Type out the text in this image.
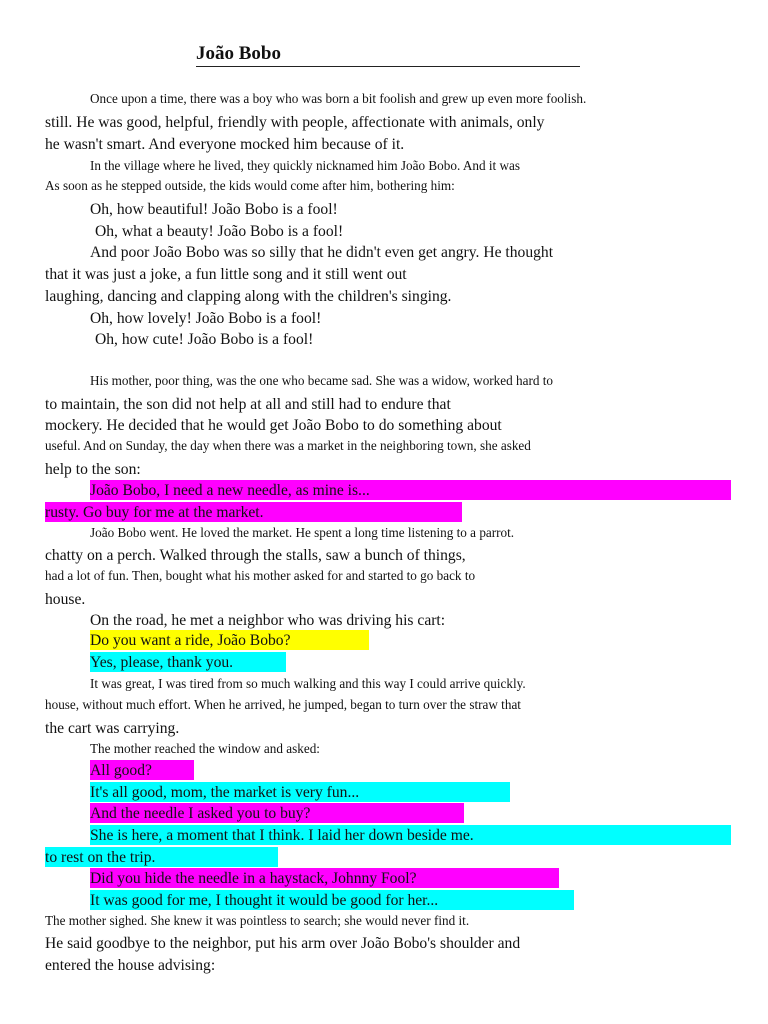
João Bobo
Once upon a time, there was a boy who was born a bit foolish and grew up even more foolish.
still. He was good, helpful, friendly with people, affectionate with animals, only
he wasn't smart. And everyone mocked him because of it.
In the village where he lived, they quickly nicknamed him João Bobo. And it was
As soon as he stepped outside, the kids would come after him, bothering him:
Oh, how beautiful! João Bobo is a fool!
Oh, what a beauty! João Bobo is a fool!
And poor João Bobo was so silly that he didn't even get angry. He thought
that it was just a joke, a fun little song and it still went out
laughing, dancing and clapping along with the children's singing.
Oh, how lovely! João Bobo is a fool!
Oh, how cute! João Bobo is a fool!
His mother, poor thing, was the one who became sad. She was a widow, worked hard to
to maintain, the son did not help at all and still had to endure that
mockery. He decided that he would get João Bobo to do something about
useful. And on Sunday, the day when there was a market in the neighboring town, she asked
help to the son:
João Bobo, I need a new needle, as mine is...
rusty. Go buy for me at the market.
João Bobo went. He loved the market. He spent a long time listening to a parrot.
chatty on a perch. Walked through the stalls, saw a bunch of things,
had a lot of fun. Then, bought what his mother asked for and started to go back to
house.
On the road, he met a neighbor who was driving his cart:
Do you want a ride, João Bobo?
Yes, please, thank you.
It was great, I was tired from so much walking and this way I could arrive quickly.
house, without much effort. When he arrived, he jumped, began to turn over the straw that
the cart was carrying.
The mother reached the window and asked:
All good?
It's all good, mom, the market is very fun...
And the needle I asked you to buy?
She is here, a moment that I think. I laid her down beside me.
to rest on the trip.
Did you hide the needle in a haystack, Johnny Fool?
It was good for me, I thought it would be good for her...
The mother sighed. She knew it was pointless to search; she would never find it.
He said goodbye to the neighbor, put his arm over João Bobo's shoulder and
entered the house advising:
